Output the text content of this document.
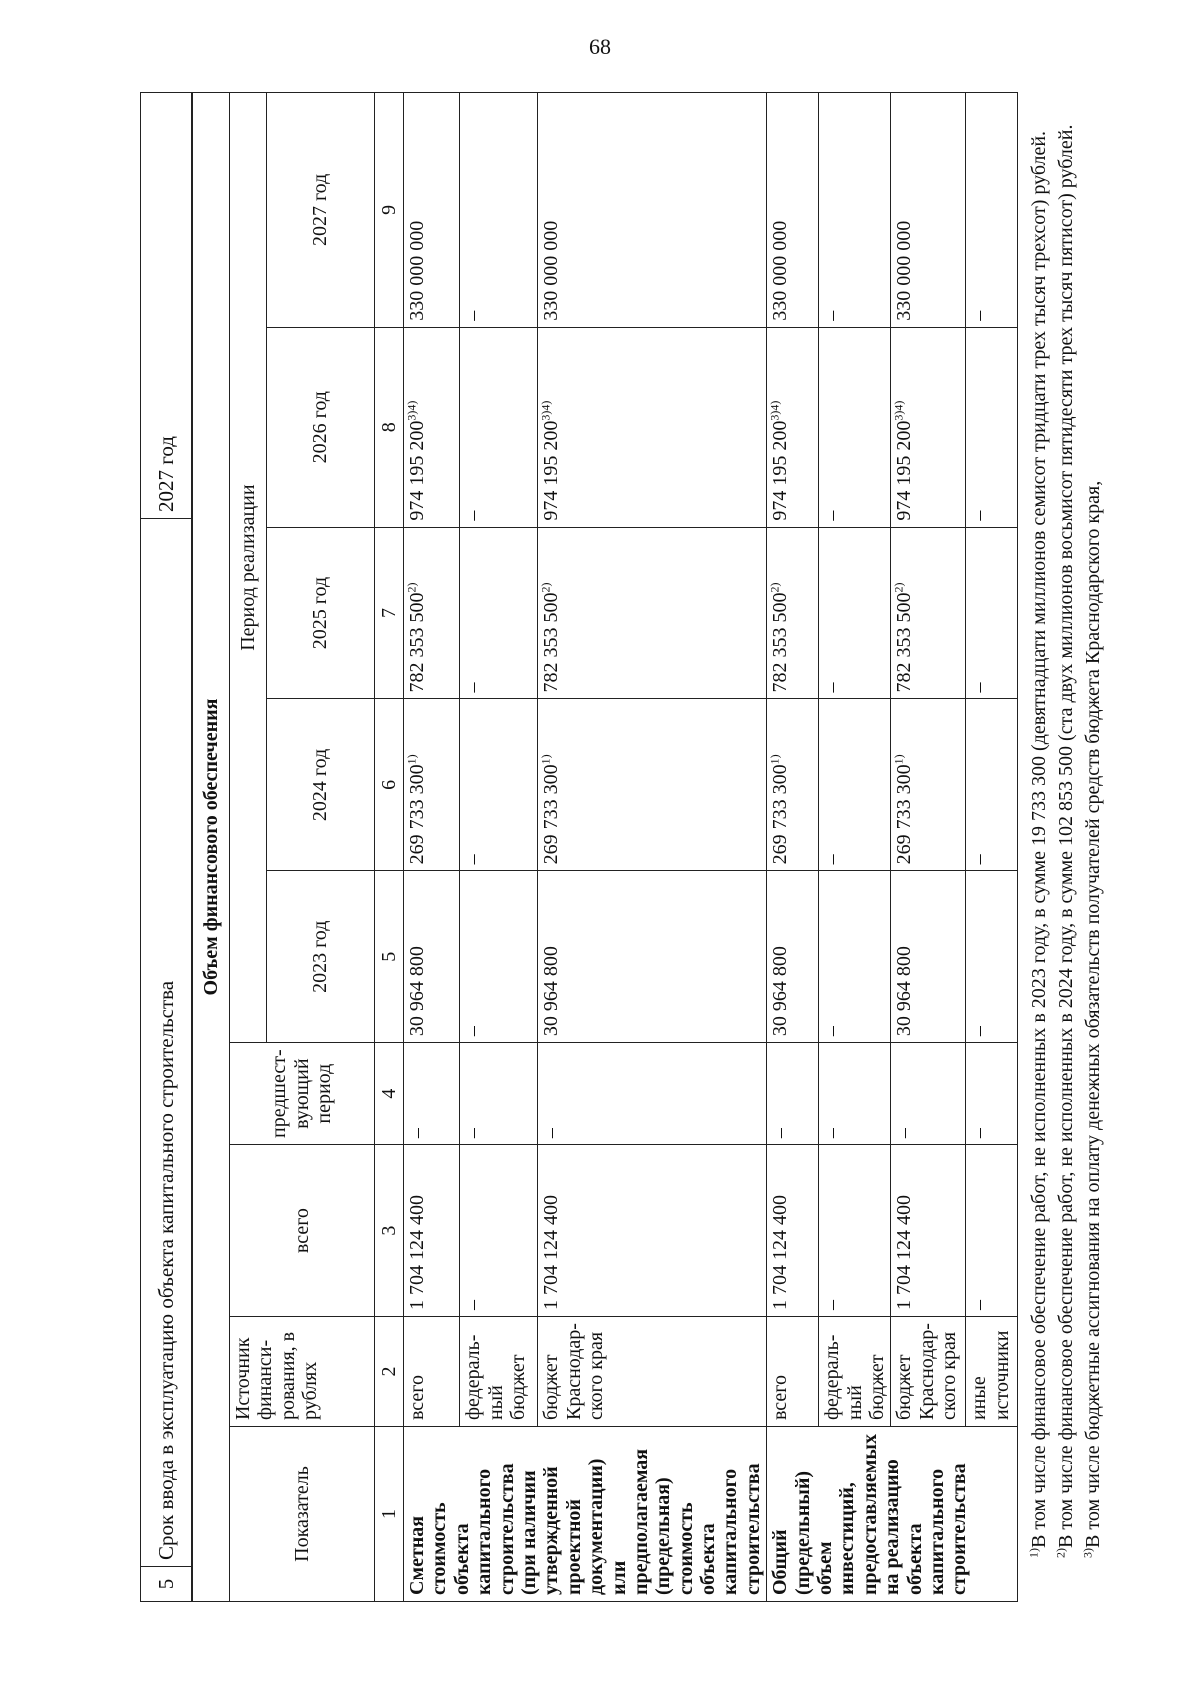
68
5	Срок ввода в эксплуатацию объекта капитального строительства	2027 год
Объем финансового обеспечения								
Показатель	Источник финанси-рования, в рублях	всего	предшест-вующий период	Период реализации				
				2023 год	2024 год	2025 год	2026 год	2027 год
1	2	3	4	5	6	7	8	9
Сметная стоимость объекта капитального строительства (при наличии утвержденной проектной документации) или предполагаемая (предельная) стоимость объекта капитального строительства	всего	1 704 124 400	–	30 964 800	269 733 300$^{1)}$	782 353 500$^{2)}$	974 195 $200^{3)4)}$	330 000 000
	федераль-ный бюджет	–	–	–	–	–	–	–
	бюджет Краснодар-ского края	1 704 124 400	–	30 964 800	269 733 300$^{1)}$	782 353 500$^{2)}$	974 195 $200^{3)4)}$	330 000 000
Общий (предельный) объем инвестиций, предоставляемых на реализацию объекта капитального строительства	всего	1 704 124 400	–	30 964 800	269 733 300$^{1)}$	782 353 500$^{2)}$	974 195 $200^{3)4)}$	330 000 000
	федераль-ный бюджет	–	–	–	–	–	–	–
	бюджет Краснодар-ского края	1 704 124 400	–	30 964 800	269 733 300$^{1)}$	782 353 500$^{2)}$	974 195 $200^{3)4)}$	330 000 000
	иные источники	–	–	–	–	–	–	–

$^{1)}$В том числе финансовое обеспечение работ, не исполненных в 2023 году, в сумме 19 733 300 (девятнадцати миллионов семисот тридцати трех тысяч трехсот) рублей.

$^{2)}$В том числе финансовое обеспечение работ, не исполненных в 2024 году, в сумме 102 853 500 (ста двух миллионов восьмисот пятидесяти трех тысяч пятисот) рублей.

$^{3)}$В том числе бюджетные ассигнования на оплату денежных обязательств получателей средств бюджета Краснодарского края,
